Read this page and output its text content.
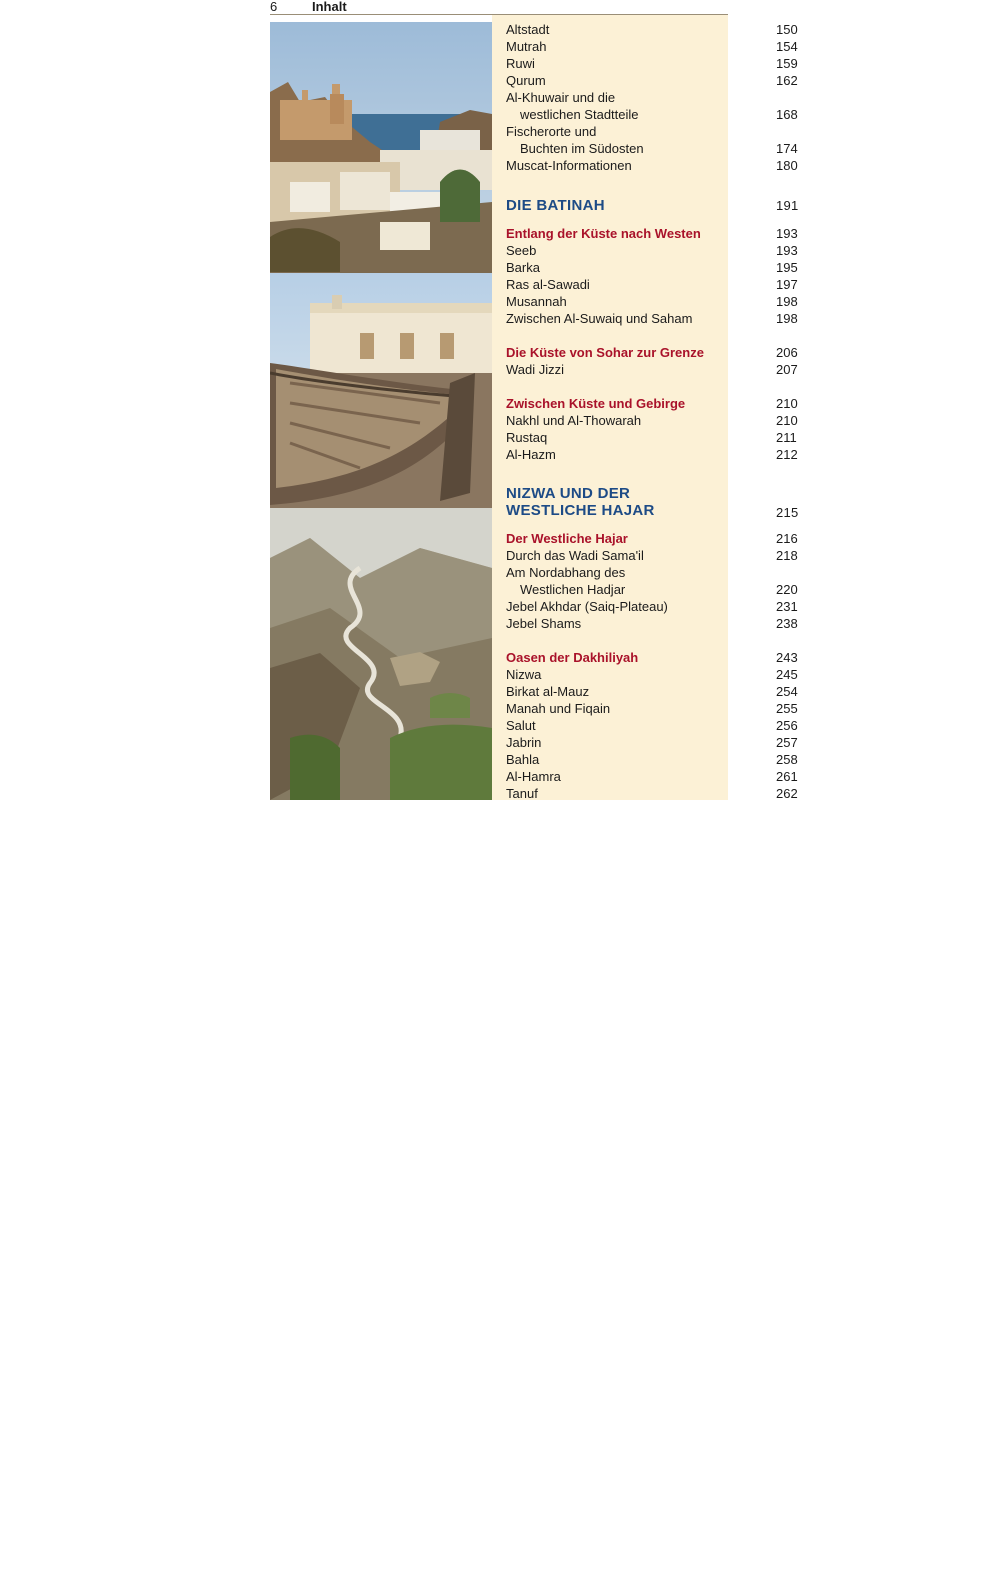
6	Inhalt
Altstadt	150
Mutrah	154
Ruwi	159
Qurum	162
Al-Khuwair und die
westlichen Stadtteile	168
Fischerorte und
Buchten im Südosten	174
Muscat-Informationen	180
DIE BATINAH	191
Entlang der Küste nach Westen	193
Seeb	193
Barka	195
Ras al-Sawadi	197
Musannah	198
Zwischen Al-Suwaiq und Saham	198
Die Küste von Sohar zur Grenze	206
Wadi Jizzi	207
Zwischen Küste und Gebirge	210
Nakhl und Al-Thowarah	210
Rustaq	211
Al-Hazm	212
NIZWA UND DER
WESTLICHE HAJAR	215
Der Westliche Hajar	216
Durch das Wadi Sama'il	218
Am Nordabhang des
Westlichen Hadjar	220
Jebel Akhdar (Saiq-Plateau)	231
Jebel Shams	238
Oasen der Dakhiliyah	243
Nizwa	245
Birkat al-Mauz	254
Manah und Fiqain	255
Salut	256
Jabrin	257
Bahla	258
Al-Hamra	261
Tanuf	262
